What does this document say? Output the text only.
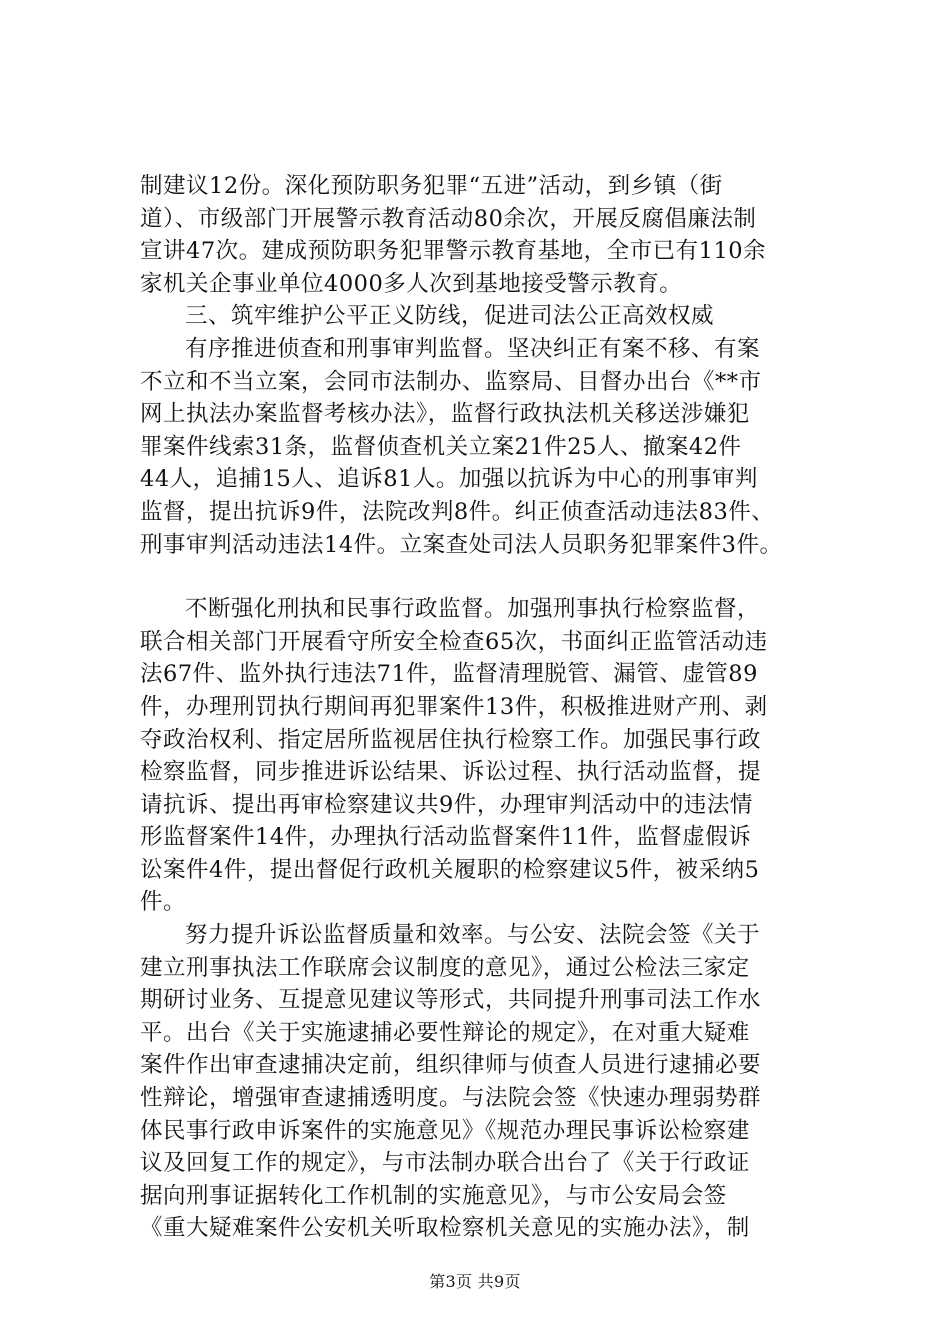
制建议12份。深化预防职务犯罪“五进”活动，到乡镇（街
道）、市级部门开展警示教育活动80余次，开展反腐倡廉法制
宣讲47次。建成预防职务犯罪警示教育基地，全市已有110余
家机关企事业单位4000多人次到基地接受警示教育。
三、筑牢维护公平正义防线，促进司法公正高效权威
有序推进侦查和刑事审判监督。坚决纠正有案不移、有案
不立和不当立案，会同市法制办、监察局、目督办出台《**市
网上执法办案监督考核办法》，监督行政执法机关移送涉嫌犯
罪案件线索31条，监督侦查机关立案21件25人、撤案42件
44人，追捕15人、追诉81人。加强以抗诉为中心的刑事审判
监督，提出抗诉9件，法院改判8件。纠正侦查活动违法83件、
刑事审判活动违法14件。立案查处司法人员职务犯罪案件3件。
不断强化刑执和民事行政监督。加强刑事执行检察监督，
联合相关部门开展看守所安全检查65次，书面纠正监管活动违
法67件、监外执行违法71件，监督清理脱管、漏管、虚管89
件，办理刑罚执行期间再犯罪案件13件，积极推进财产刑、剥
夺政治权利、指定居所监视居住执行检察工作。加强民事行政
检察监督，同步推进诉讼结果、诉讼过程、执行活动监督，提
请抗诉、提出再审检察建议共9件，办理审判活动中的违法情
形监督案件14件，办理执行活动监督案件11件，监督虚假诉
讼案件4件，提出督促行政机关履职的检察建议5件，被采纳5
件。
努力提升诉讼监督质量和效率。与公安、法院会签《关于
建立刑事执法工作联席会议制度的意见》，通过公检法三家定
期研讨业务、互提意见建议等形式，共同提升刑事司法工作水
平。出台《关于实施逮捕必要性辩论的规定》，在对重大疑难
案件作出审查逮捕决定前，组织律师与侦查人员进行逮捕必要
性辩论，增强审查逮捕透明度。与法院会签《快速办理弱势群
体民事行政申诉案件的实施意见》《规范办理民事诉讼检察建
议及回复工作的规定》，与市法制办联合出台了《关于行政证
据向刑事证据转化工作机制的实施意见》，与市公安局会签
《重大疑难案件公安机关听取检察机关意见的实施办法》，制
第3页 共9页
